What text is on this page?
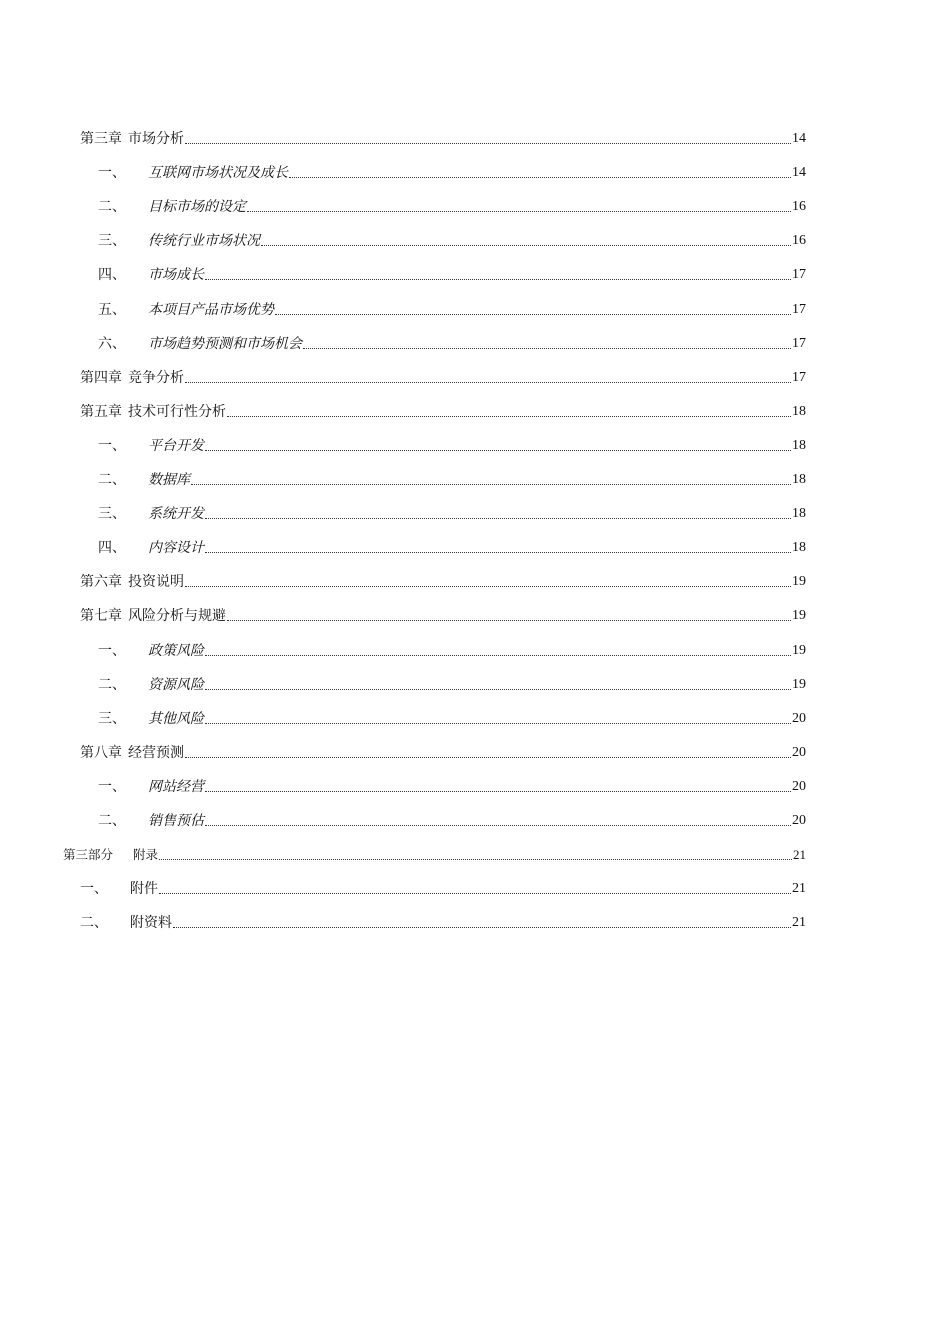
第三章 市场分析	14
一、	互联网市场状况及成长	14
二、	目标市场的设定	16
三、	传统行业市场状况	16
四、	市场成长	17
五、	本项目产品市场优势	17
六、	市场趋势预测和市场机会	17
第四章 竞争分析	17
第五章 技术可行性分析	18
一、	平台开发	18
二、	数据库	18
三、	系统开发	18
四、	内容设计	18
第六章 投资说明	19
第七章 风险分析与规避	19
一、	政策风险	19
二、	资源风险	19
三、	其他风险	20
第八章 经营预测	20
一、	网站经营	20
二、	销售预估	20
第三部分	附录	21
一、	附件	21
二、	附资料	21
